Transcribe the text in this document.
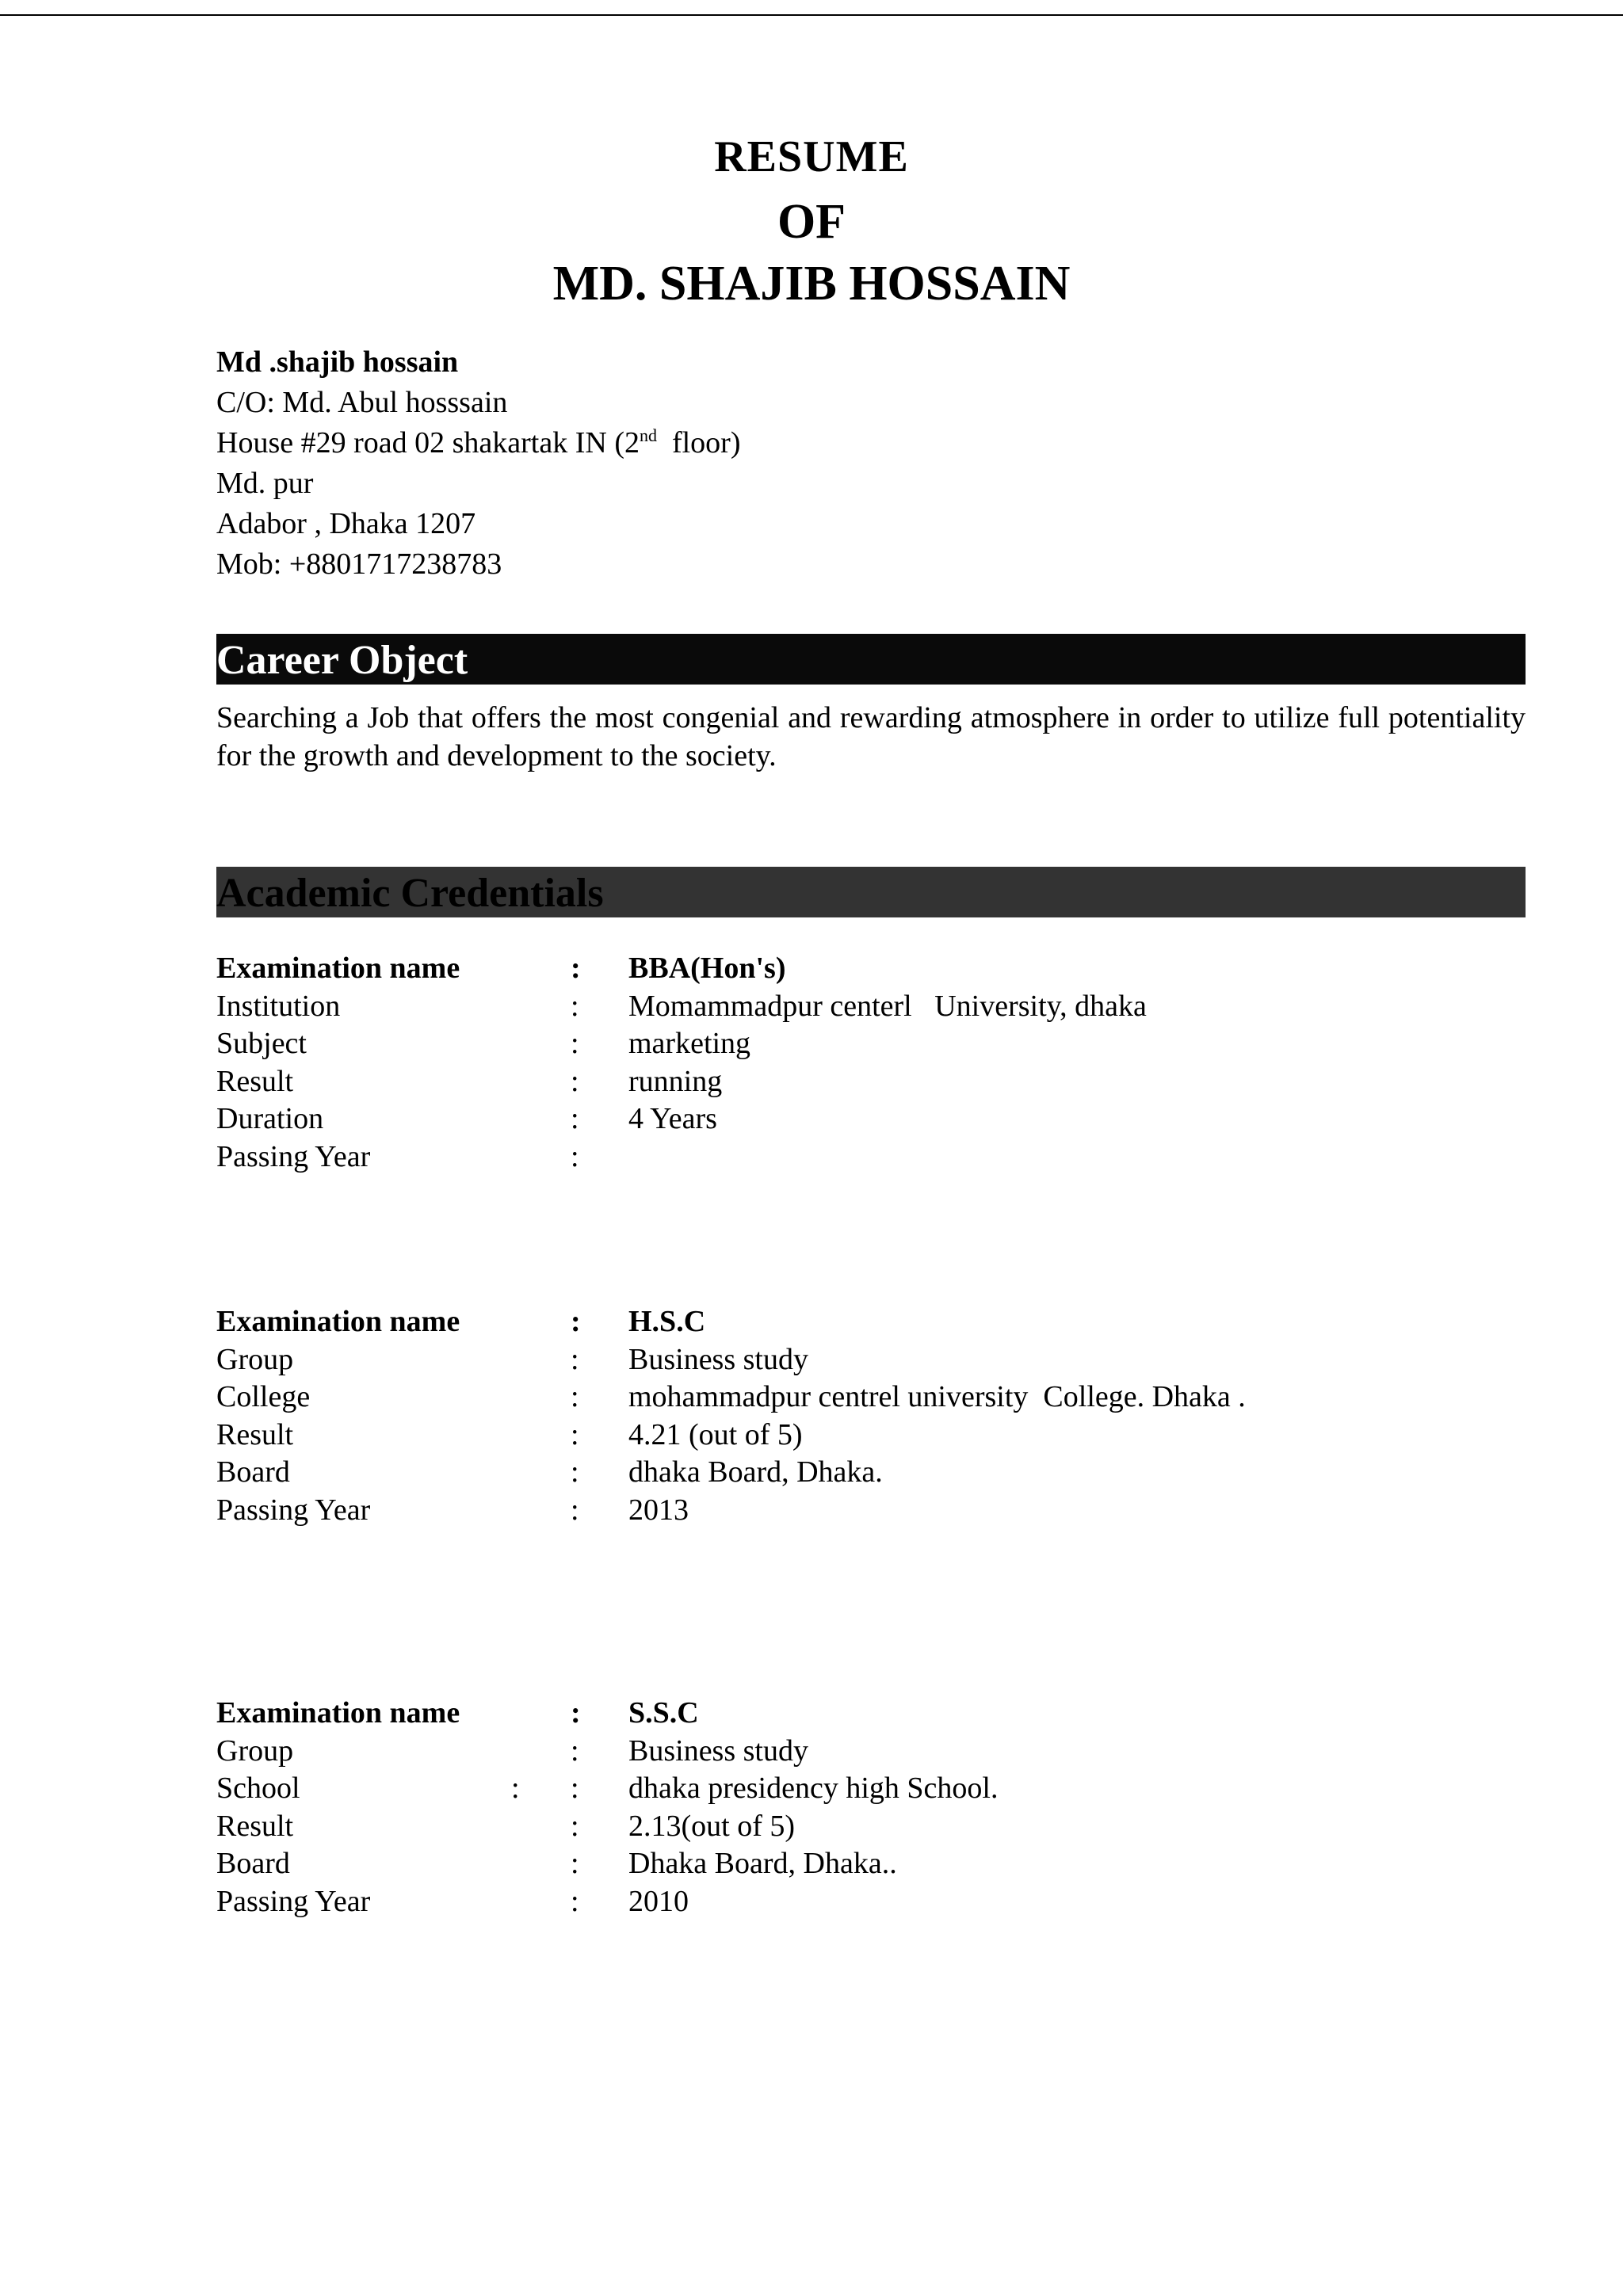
RESUME
OF
MD. SHAJIB HOSSAIN
Md .shajib hossain
C/O: Md. Abul hosssain
House #29 road 02 shakartak IN (2nd  floor)
Md. pur
Adabor , Dhaka 1207
Mob: +8801717238783
Career Object
Searching a Job that offers the most congenial and rewarding atmosphere in order to utilize full potentiality for the growth and development to the society.
Academic Credentials
Examination name	: BBA(Hon's)
Institution	: Momammadpur centerl   University, dhaka
Subject	: marketing
Result	: running
Duration	: 4 Years
Passing Year	:
Examination name	: H.S.C
Group	: Business study
College	: mohammadpur centrel university  College. Dhaka .
Result	: 4.21 (out of 5)
Board	: dhaka Board, Dhaka.
Passing Year	: 2013
Examination name	: S.S.C
Group	: Business study
School	: : dhaka presidency high School.
Result	: 2.13(out of 5)
Board	: Dhaka Board, Dhaka..
Passing Year	: 2010
